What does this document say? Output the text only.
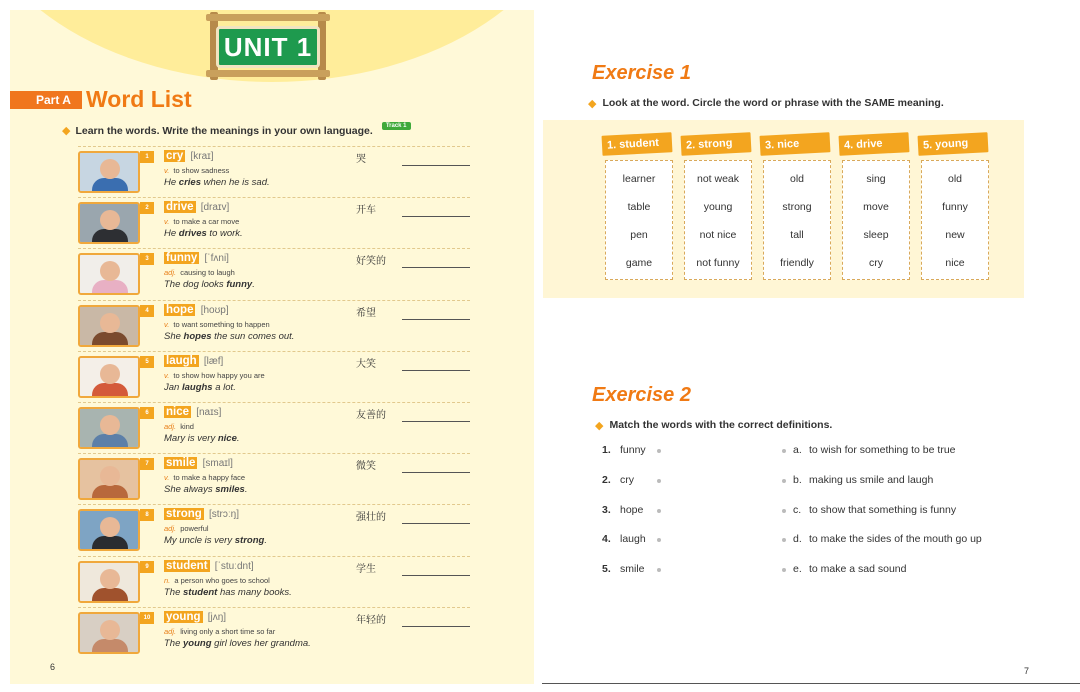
UNIT 1
Part A Word List
◆ Learn the words. Write the meanings in your own language.	Track 1
1	cry [kraɪ]
v. to show sadness
He cries when he is sad.
哭
2	drive [draɪv]
v. to make a car move
He drives to work.
开车
3	funny [ˈfʌni]
adj. causing to laugh
The dog looks funny.
好笑的
4	hope [hoʊp]
v. to want something to happen
She hopes the sun comes out.
希望
5	laugh [læf]
v. to show how happy you are
Jan laughs a lot.
大笑
6	nice [naɪs]
adj. kind
Mary is very nice.
友善的
7	smile [smaɪl]
v. to make a happy face
She always smiles.
微笑
8	strong [strɔːŋ]
adj. powerful
My uncle is very strong.
强壮的
9	student [ˈstuːdnt]
n. a person who goes to school
The student has many books.
学生
10	young [jʌŋ]
adj. living only a short time so far
The young girl loves her grandma.
年轻的
6
Exercise 1
◆ Look at the word. Circle the word or phrase with the SAME meaning.
1. student
learner
table
pen
game
2. strong
not weak
young
not nice
not funny
3. nice
old
strong
tall
friendly
4. drive
sing
move
sleep
cry
5. young
old
funny
new
nice
Exercise 2
◆ Match the words with the correct definitions.
1. funny	a. to wish for something to be true
2. cry	b. making us smile and laugh
3. hope	c. to show that something is funny
4. laugh	d. to make the sides of the mouth go up
5. smile	e. to make a sad sound
7
